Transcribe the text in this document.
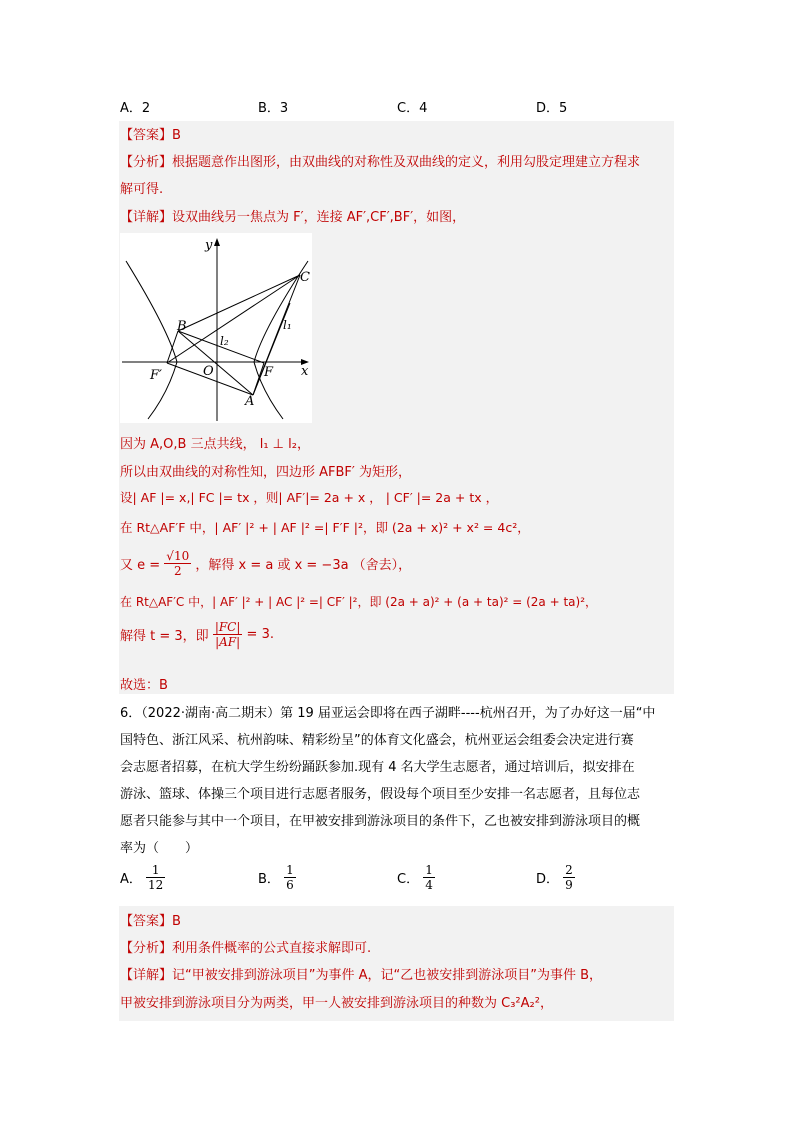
A．2	B．3	C．4	D．5
【答案】B
【分析】根据题意作出图形，由双曲线的对称性及双曲线的定义，利用勾股定理建立方程求
解可得.
【详解】设双曲线另一焦点为 F′，连接 AF′,CF′,BF′，如图，
y
x
C
B	l₁
l₂
F′	O	F
A
因为 A,O,B 三点共线， l₁ ⊥ l₂，
所以由双曲线的对称性知，四边形 AFBF′ 为矩形，
设| AF |= x,| FC |= tx ，则| AF′|= 2a + x ， | CF′ |= 2a + tx ，
在 Rt△AF′F 中，| AF′ |² + | AF |² =| F′F |²，即 (2a + x)² + x² = 4c²，
又 $e = \frac{√10}{2}$ ，解得 x = a 或 x = −3a （舍去），
在 Rt△AF′C 中，| AF′ |² + | AC |² =| CF′ |²，即 (2a + a)² + (a + ta)² = (2a + ta)²，
解得 t = 3，即 $\frac{|FC|}{|AF|} = 3$.
故选：B
6．（2022·湖南·高二期末）第 19 届亚运会即将在西子湖畔----杭州召开，为了办好这一届“中
国特色、浙江风采、杭州韵味、精彩纷呈”的体育文化盛会，杭州亚运会组委会决定进行赛
会志愿者招募，在杭大学生纷纷踊跃参加.现有 4 名大学生志愿者，通过培训后，拟安排在
游泳、篮球、体操三个项目进行志愿者服务，假设每个项目至少安排一名志愿者，且每位志
愿者只能参与其中一个项目，在甲被安排到游泳项目的条件下，乙也被安排到游泳项目的概
率为（　　）
A． $\frac{1}{12}$	B． $\frac{1}{6}$	C． $\frac{1}{4}$	D． $\frac{2}{9}$
【答案】B
【分析】利用条件概率的公式直接求解即可.
【详解】记“甲被安排到游泳项目”为事件 A，记“乙也被安排到游泳项目”为事件 B，
甲被安排到游泳项目分为两类，甲一人被安排到游泳项目的种数为 C₃²A₂²，
